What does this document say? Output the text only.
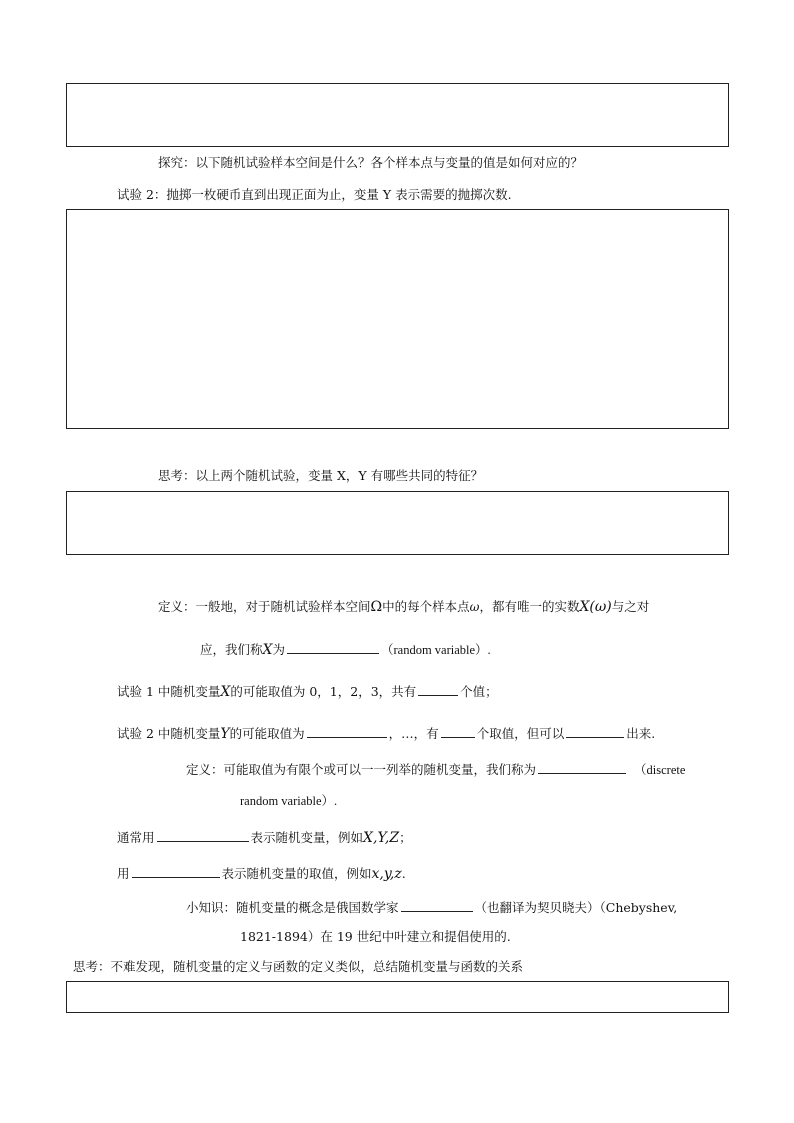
探究：以下随机试验样本空间是什么？各个样本点与变量的值是如何对应的？
试验 2：抛掷一枚硬币直到出现正面为止，变量 Y 表示需要的抛掷次数.
思考：以上两个随机试验，变量 X，Y 有哪些共同的特征？
定义：一般地，对于随机试验样本空间Ω中的每个样本点ω，都有唯一的实数X(ω)与之对
应，我们称X为	（random variable）.
试验 1 中随机变量X的可能取值为 0，1，2，3，共有	个值；
试验 2 中随机变量Y的可能取值为	，…，有	个取值，但可以	出来.
定义：可能取值为有限个或可以一一列举的随机变量，我们称为	（discrete
random variable）.
通常用	表示随机变量，例如X,Y,Z；
用	表示随机变量的取值，例如x,y,z.
小知识：随机变量的概念是俄国数学家	（也翻译为契贝晓夫）（Chebyshev,
1821-1894）在 19 世纪中叶建立和提倡使用的.
思考：不难发现，随机变量的定义与函数的定义类似，总结随机变量与函数的关系
